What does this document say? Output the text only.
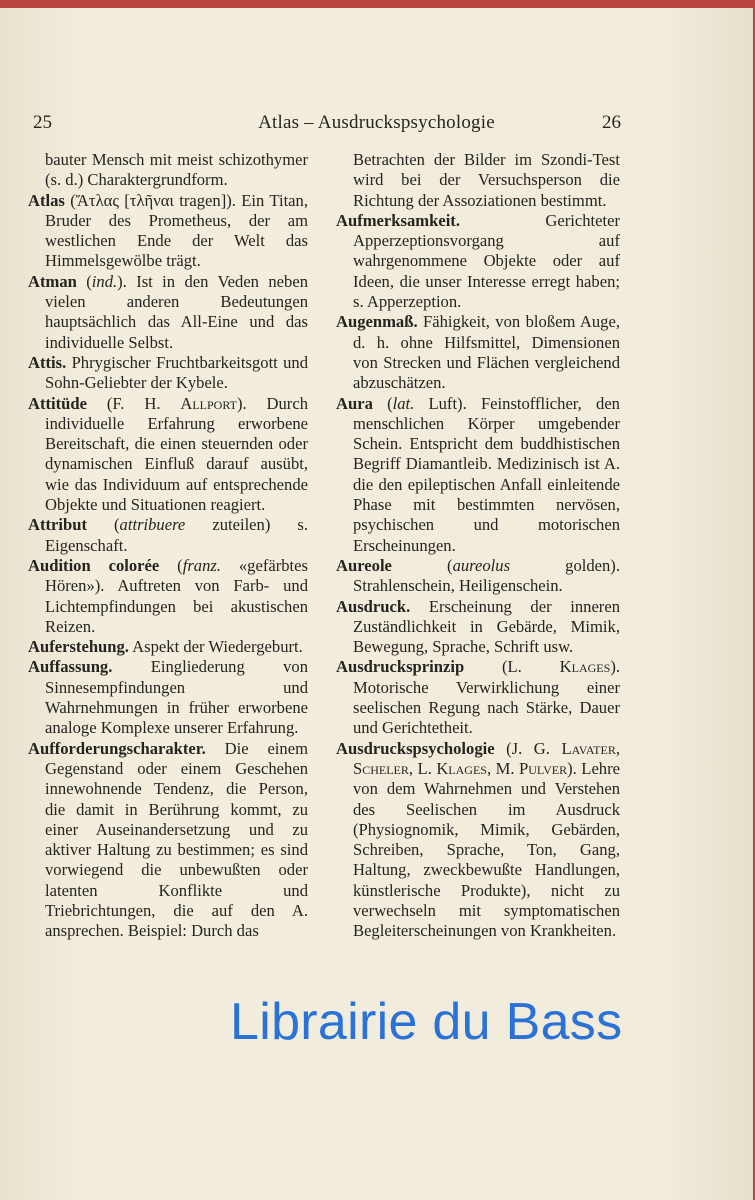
25	Atlas – Ausdruckspsychologie	26

bauter Mensch mit meist schizothymer (s. d.) Charaktergrundform.

Atlas (Ἄτλας [τλῆναι tragen]). Ein Titan, Bruder des Prometheus, der am westlichen Ende der Welt das Himmelsgewölbe trägt.

Atman (ind.). Ist in den Veden neben vielen anderen Bedeutungen hauptsächlich das All-Eine und das individuelle Selbst.

Attis. Phrygischer Fruchtbarkeitsgott und Sohn-Geliebter der Kybele.

Attitüde (F. H. Allport). Durch individuelle Erfahrung erworbene Bereitschaft, die einen steuernden oder dynamischen Einfluß darauf ausübt, wie das Individuum auf entsprechende Objekte und Situationen reagiert.

Attribut (attribuere zuteilen) s. Eigenschaft.

Audition colorée (franz. «gefärbtes Hören»). Auftreten von Farb- und Lichtempfindungen bei akustischen Reizen.

Auferstehung. Aspekt der Wiedergeburt.

Auffassung. Eingliederung von Sinnesempfindungen und Wahrnehmungen in früher erworbene analoge Komplexe unserer Erfahrung.

Aufforderungscharakter. Die einem Gegenstand oder einem Geschehen innewohnende Tendenz, die Person, die damit in Berührung kommt, zu einer Auseinandersetzung und zu aktiver Haltung zu bestimmen; es sind vorwiegend die unbewußten oder latenten Konflikte und Triebrichtungen, die auf den A. ansprechen. Beispiel: Durch das

Betrachten der Bilder im Szondi-Test wird bei der Versuchsperson die Richtung der Assoziationen bestimmt.

Aufmerksamkeit. Gerichteter Apperzeptionsvorgang auf wahrgenommene Objekte oder auf Ideen, die unser Interesse erregt haben; s. Apperzeption.

Augenmaß. Fähigkeit, von bloßem Auge, d. h. ohne Hilfsmittel, Dimensionen von Strecken und Flächen vergleichend abzuschätzen.

Aura (lat. Luft). Feinstofflicher, den menschlichen Körper umgebender Schein. Entspricht dem buddhistischen Begriff Diamantleib. Medizinisch ist A. die den epileptischen Anfall einleitende Phase mit bestimmten nervösen, psychischen und motorischen Erscheinungen.

Aureole (aureolus golden). Strahlenschein, Heiligenschein.

Ausdruck. Erscheinung der inneren Zuständlichkeit in Gebärde, Mimik, Bewegung, Sprache, Schrift usw.

Ausdrucksprinzip (L. Klages). Motorische Verwirklichung einer seelischen Regung nach Stärke, Dauer und Gerichtetheit.

Ausdruckspsychologie (J. G. Lavater, Scheler, L. Klages, M. Pulver). Lehre von dem Wahrnehmen und Verstehen des Seelischen im Ausdruck (Physiognomik, Mimik, Gebärden, Schreiben, Sprache, Ton, Gang, Haltung, zweckbewußte Handlungen, künstlerische Produkte), nicht zu verwechseln mit symptomatischen Begleiterscheinungen von Krankheiten.

Librairie du Bass
